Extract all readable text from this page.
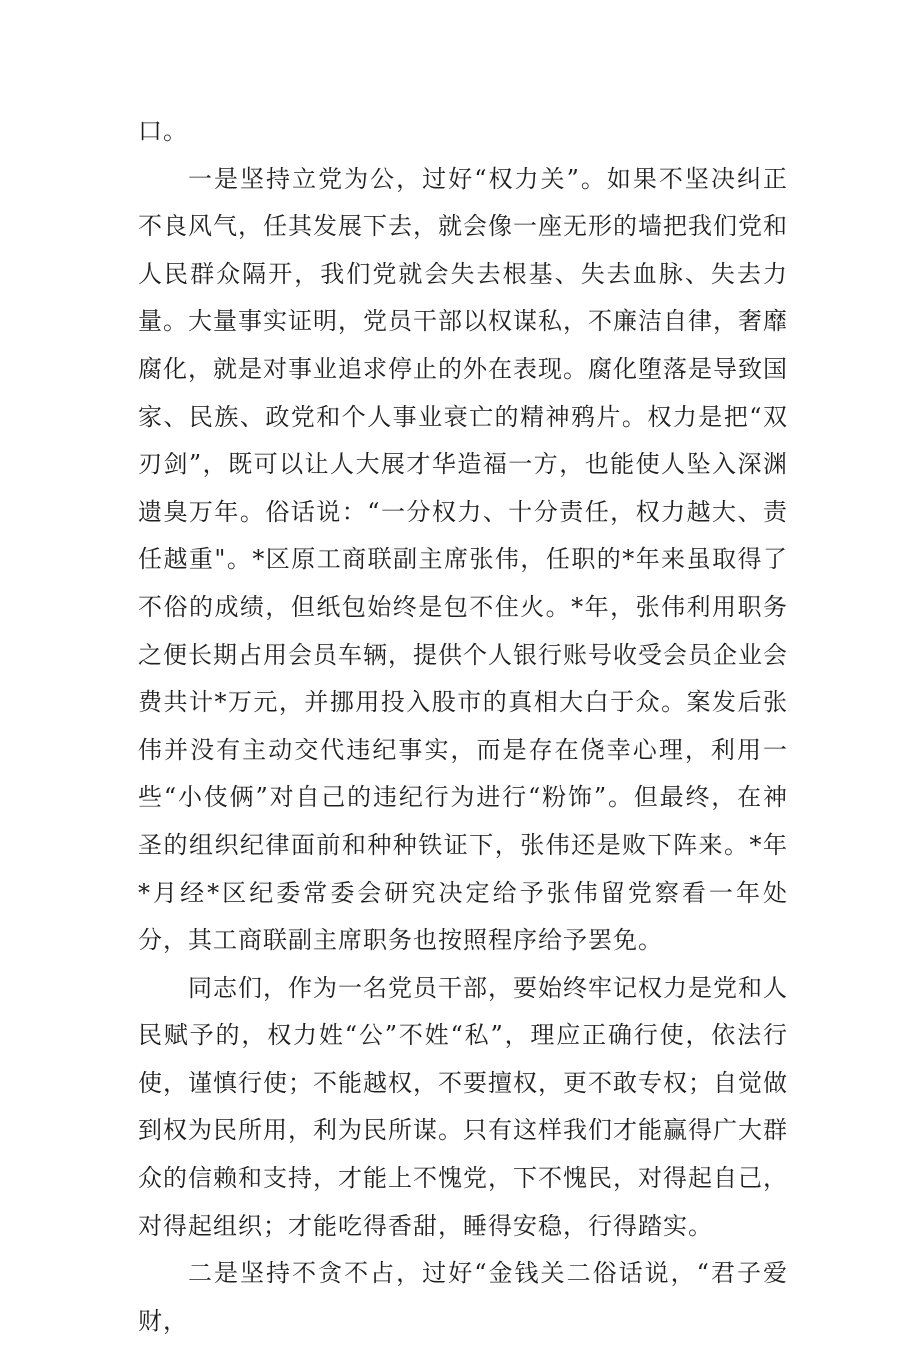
口。

一是坚持立党为公，过好“权力关”。如果不坚决纠正不良风气，任其发展下去，就会像一座无形的墙把我们党和人民群众隔开，我们党就会失去根基、失去血脉、失去力量。大量事实证明，党员干部以权谋私，不廉洁自律，奢靡腐化，就是对事业追求停止的外在表现。腐化堕落是导致国家、民族、政党和个人事业衰亡的精神鸦片。权力是把“双刃剑”，既可以让人大展才华造福一方，也能使人坠入深渊遗臭万年。俗话说：“一分权力、十分责任，权力越大、责任越重"。*区原工商联副主席张伟，任职的*年来虽取得了不俗的成绩，但纸包始终是包不住火。*年，张伟利用职务之便长期占用会员车辆，提供个人银行账号收受会员企业会费共计*万元，并挪用投入股市的真相大白于众。案发后张伟并没有主动交代违纪事实，而是存在侥幸心理，利用一些“小伎俩”对自己的违纪行为进行“粉饰”。但最终，在神圣的组织纪律面前和种种铁证下，张伟还是败下阵来。*年*月经*区纪委常委会研究决定给予张伟留党察看一年处分，其工商联副主席职务也按照程序给予罢免。

同志们，作为一名党员干部，要始终牢记权力是党和人民赋予的，权力姓“公”不姓“私”，理应正确行使，依法行使，谨慎行使；不能越权，不要擅权，更不敢专权；自觉做到权为民所用，利为民所谋。只有这样我们才能赢得广大群众的信赖和支持，才能上不愧党，下不愧民，对得起自己，对得起组织；才能吃得香甜，睡得安稳，行得踏实。

二是坚持不贪不占，过好“金钱关二俗话说，“君子爱财，
